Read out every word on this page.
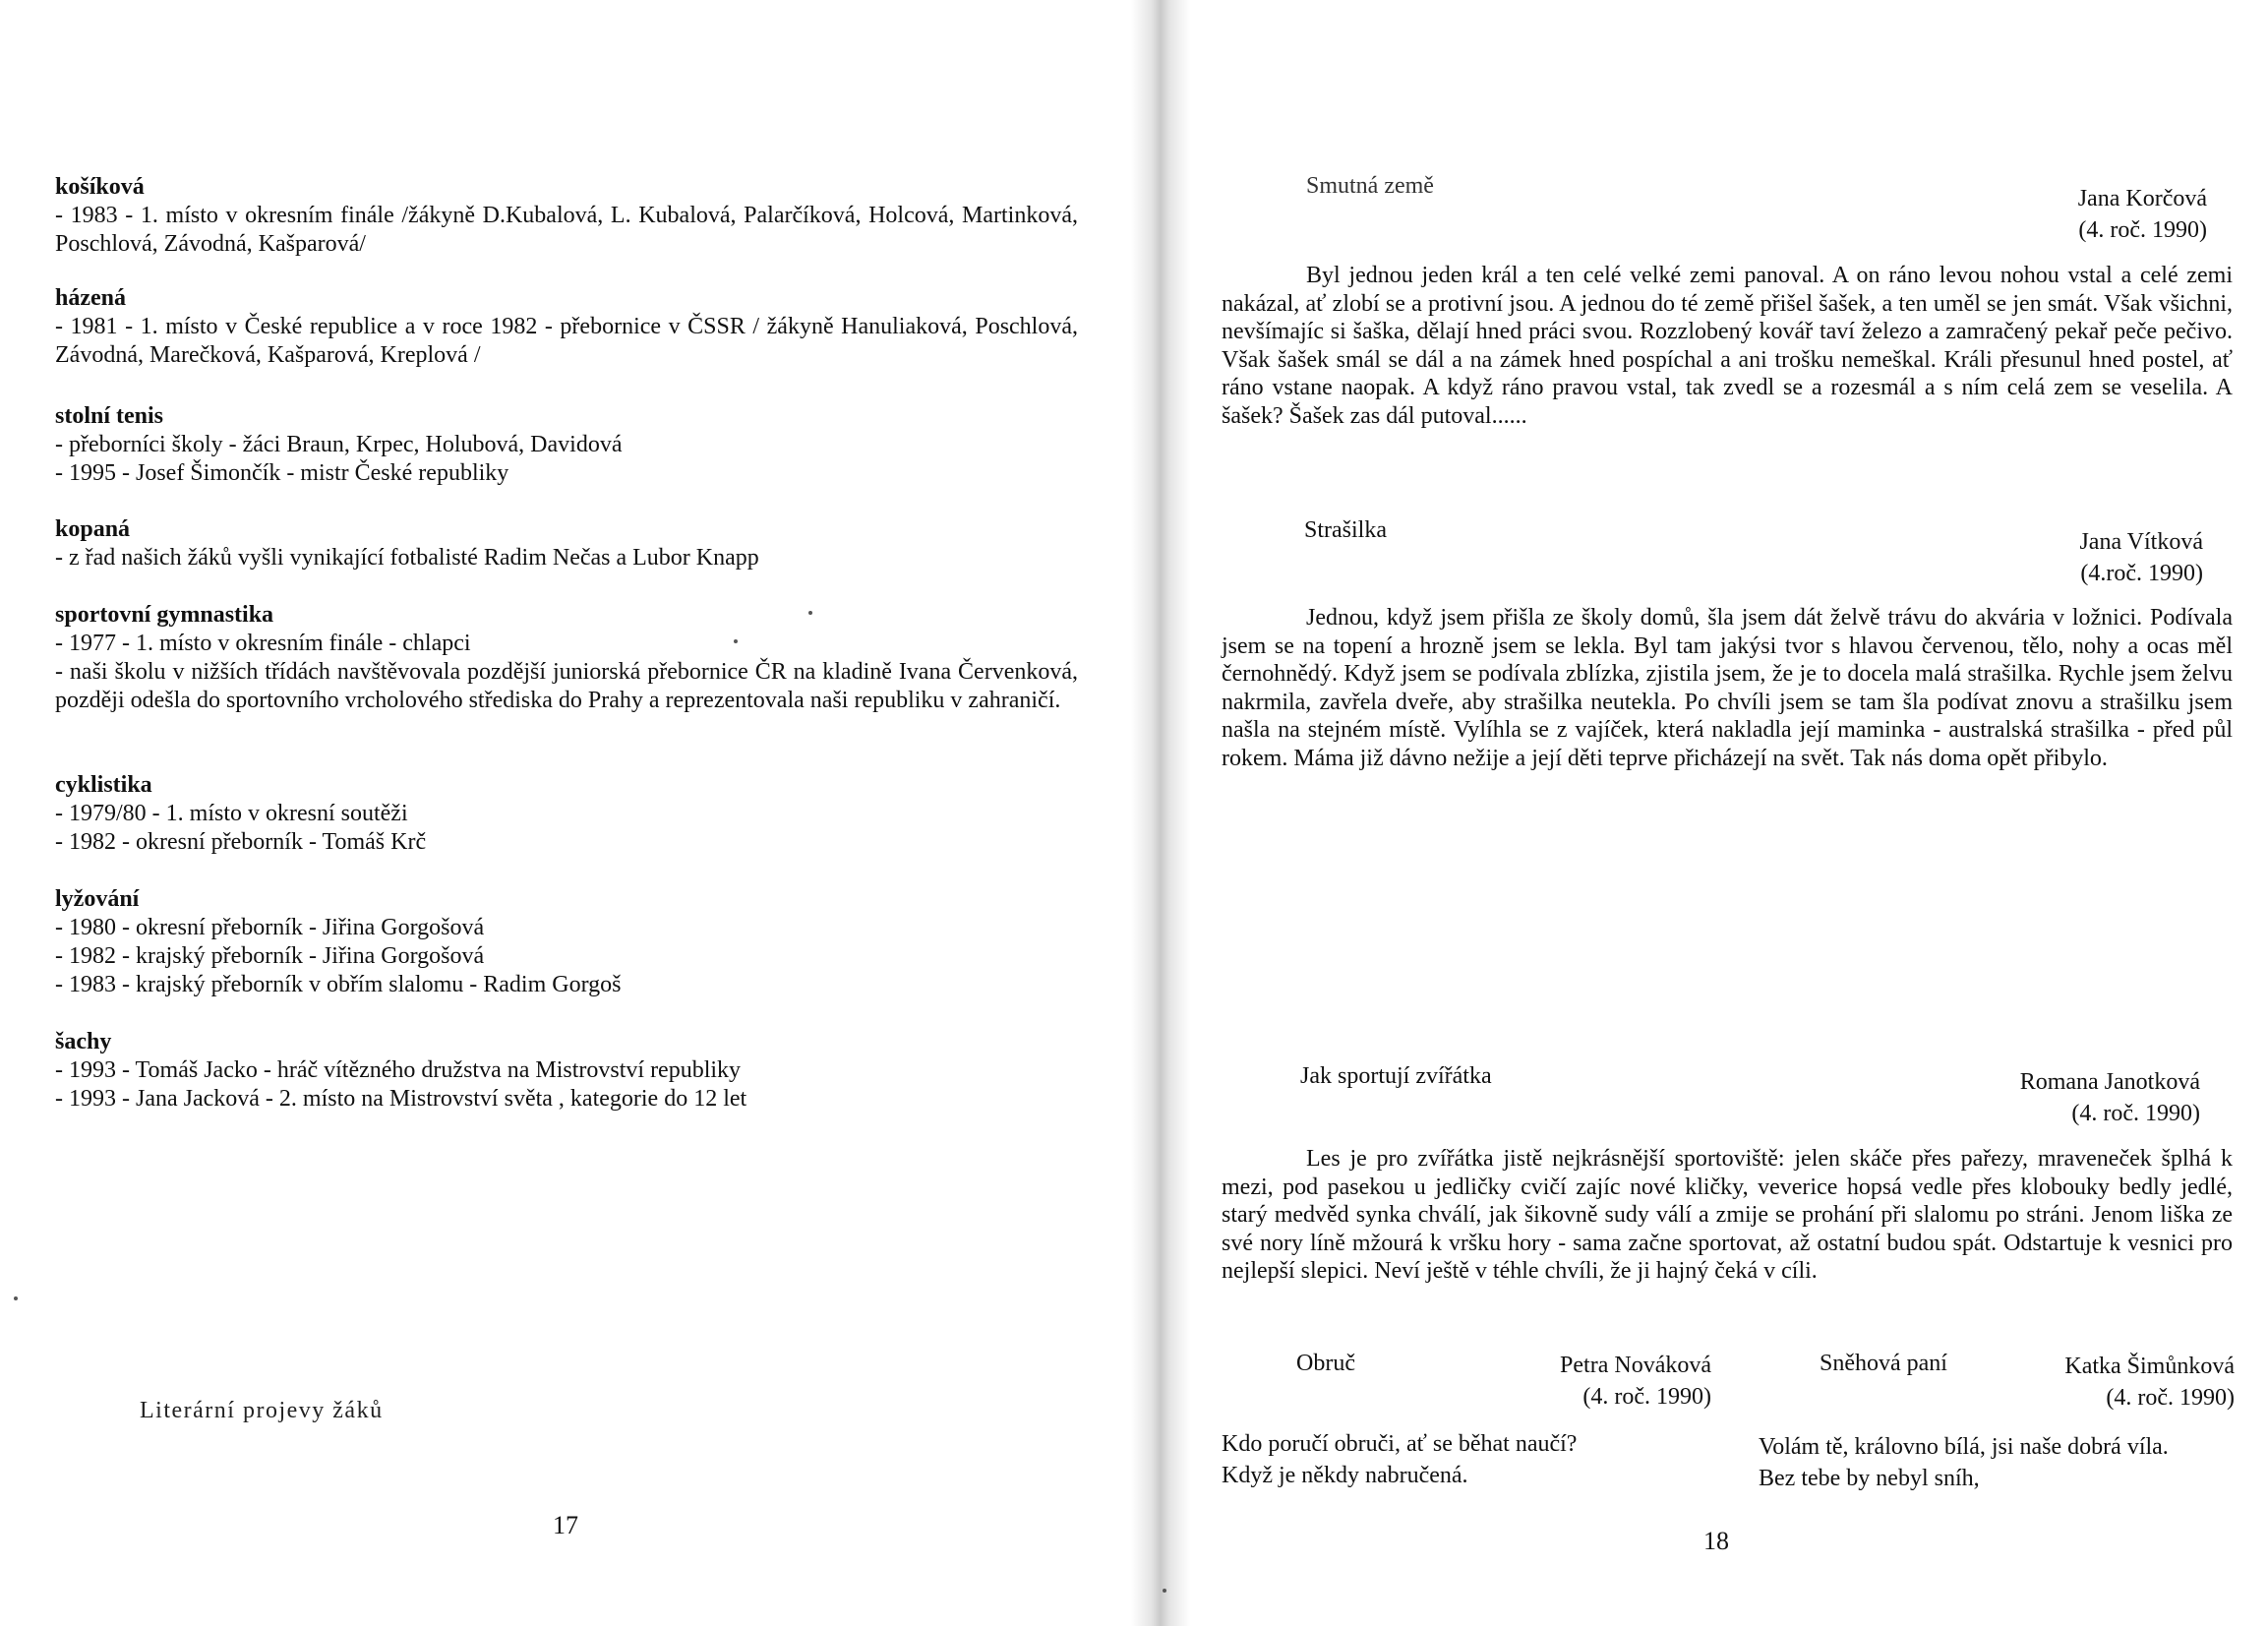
košíková
- 1983 - 1. místo v okresním finále /žákyně D.Kubalová, L. Kubalová, Palarčíková, Holcová, Martinková, Poschlová, Závodná, Kašparová/
házená
- 1981 - 1. místo v České republice a v roce 1982 - přebornice v ČSSR / žákyně Hanuliaková, Poschlová, Závodná, Marečková, Kašparová, Kreplová /
stolní tenis
- přeborníci školy - žáci Braun, Krpec, Holubová, Davidová
- 1995 - Josef Šimončík - mistr České republiky
kopaná
- z řad našich žáků vyšli vynikající fotbalisté Radim Nečas a Lubor Knapp
sportovní gymnastika
- 1977 - 1. místo v okresním finále - chlapci
- naši školu v nižších třídách navštěvovala pozdější juniorská přebornice ČR na kladině Ivana Červenková, později odešla do sportovního vrcholového střediska do Prahy a reprezentovala naši republiku v zahraničí.
cyklistika
- 1979/80 - 1. místo v okresní soutěži
- 1982 - okresní přeborník - Tomáš Krč
lyžování
- 1980 - okresní přeborník - Jiřina Gorgošová
- 1982 - krajský přeborník - Jiřina Gorgošová
- 1983 - krajský přeborník v obřím slalomu - Radim Gorgoš
šachy
- 1993 - Tomáš Jacko - hráč vítězného družstva na Mistrovství republiky
- 1993 - Jana Jacková - 2. místo na Mistrovství světa , kategorie do 12 let
Literární projevy žáků
17
Smutná země	Jana Korčová
(4. roč. 1990)

Byl jednou jeden král a ten celé velké zemi panoval. A on ráno levou nohou vstal a celé zemi nakázal, ať zlobí se a protivní jsou. A jednou do té země přišel šašek, a ten uměl se jen smát. Však všichni, nevšímajíc si šaška, dělají hned práci svou. Rozzlobený kovář taví železo a zamračený pekař peče pečivo. Však šašek smál se dál a na zámek hned pospíchal a ani trošku nemeškal. Králi přesunul hned postel, ať ráno vstane naopak. A když ráno pravou vstal, tak zvedl se a rozesmál a s ním celá zem se veselila. A šašek? Šašek zas dál putoval......

Strašilka	Jana Vítková
(4.roč. 1990)

Jednou, když jsem přišla ze školy domů, šla jsem dát želvě trávu do akvária v ložnici. Podívala jsem se na topení a hrozně jsem se lekla. Byl tam jakýsi tvor s hlavou červenou, tělo, nohy a ocas měl černohnědý. Když jsem se podívala zblízka, zjistila jsem, že je to docela malá strašilka. Rychle jsem želvu nakrmila, zavřela dveře, aby strašilka neutekla. Po chvíli jsem se tam šla podívat znovu a strašilku jsem našla na stejném místě. Vylíhla se z vajíček, která nakladla její maminka - australská strašilka - před půl rokem. Máma již dávno nežije a její děti teprve přicházejí na svět. Tak nás doma opět přibylo.

Jak sportují zvířátka	Romana Janotková
(4. roč. 1990)

Les je pro zvířátka jistě nejkrásnější sportoviště: jelen skáče přes pařezy, mraveneček šplhá k mezi, pod pasekou u jedličky cvičí zajíc nové kličky, veverice hopsá vedle přes klobouky bedly jedlé, starý medvěd synka chválí, jak šikovně sudy válí a zmije se prohání při slalomu po stráni. Jenom liška ze své nory líně mžourá k vršku hory - sama začne sportovat, až ostatní budou spát. Odstartuje k vesnici pro nejlepší slepici. Neví ještě v téhle chvíli, že ji hajný čeká v cíli.

Obruč	Petra Nováková
(4. roč. 1990)
Kdo poručí obruči, ať se běhat naučí?
Když je někdy nabručená.
Sněhová paní	Katka Šimůnková
(4. roč. 1990)
Volám tě, královno bílá, jsi naše dobrá víla.
Bez tebe by nebyl sníh,
18
